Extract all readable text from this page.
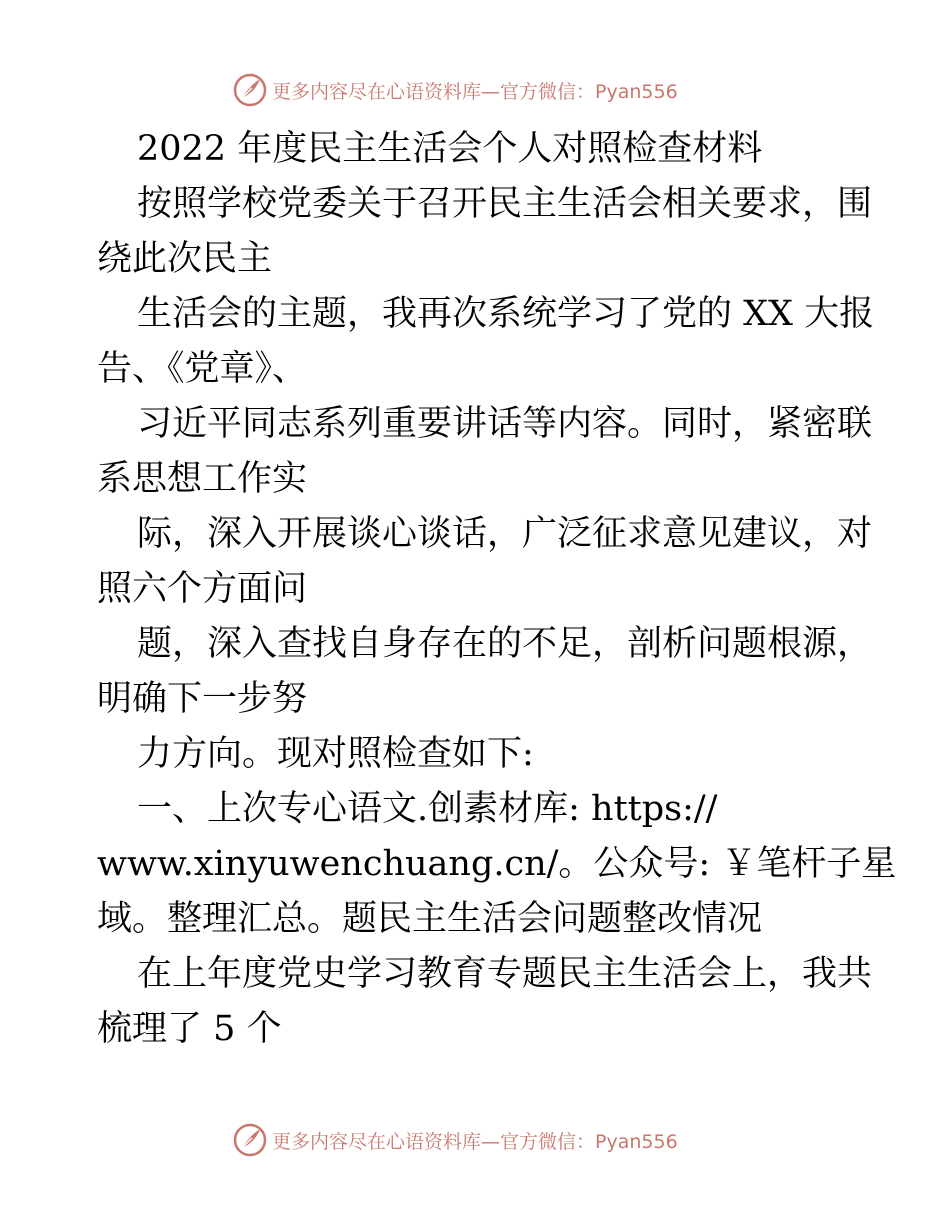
更多内容尽在心语资料库—官方微信：Pyan556
2022 年度民主生活会个人对照检查材料
按照学校党委关于召开民主生活会相关要求，围
绕此次民主
生活会的主题，我再次系统学习了党的 XX 大报
告、《党章》、
习近平同志系列重要讲话等内容。同时，紧密联
系思想工作实
际，深入开展谈心谈话，广泛征求意见建议，对
照六个方面问
题，深入查找自身存在的不足，剖析问题根源，
明确下一步努
力方向。现对照检查如下:
一、上次专心语文.创素材库: https://
www.xinyuwenchuang.cn/。公众号: ￥笔杆子星
域。整理汇总。题民主生活会问题整改情况
在上年度党史学习教育专题民主生活会上，我共
梳理了 5 个
更多内容尽在心语资料库—官方微信：Pyan556
